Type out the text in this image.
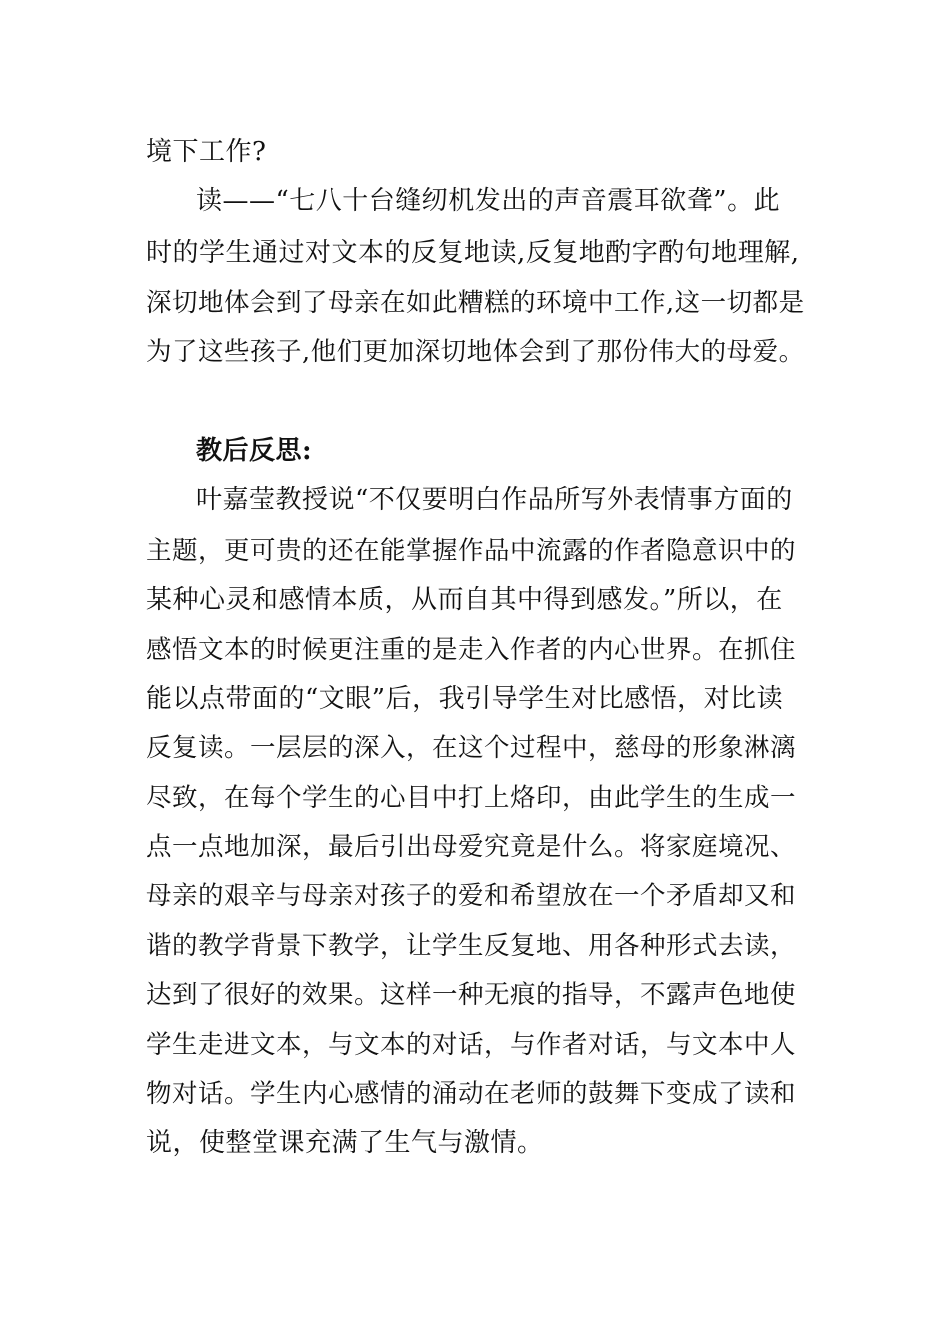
境下工作?
读——“七八十台缝纫机发出的声音震耳欲聋”。此
时的学生通过对文本的反复地读,反复地酌字酌句地理解,
深切地体会到了母亲在如此糟糕的环境中工作,这一切都是
为了这些孩子,他们更加深切地体会到了那份伟大的母爱。
教后反思:
叶嘉莹教授说“不仅要明白作品所写外表情事方面的
主题，更可贵的还在能掌握作品中流露的作者隐意识中的
某种心灵和感情本质，从而自其中得到感发。”所以，在
感悟文本的时候更注重的是走入作者的内心世界。在抓住
能以点带面的“文眼”后，我引导学生对比感悟，对比读
反复读。一层层的深入，在这个过程中，慈母的形象淋漓
尽致，在每个学生的心目中打上烙印，由此学生的生成一
点一点地加深，最后引出母爱究竟是什么。将家庭境况、
母亲的艰辛与母亲对孩子的爱和希望放在一个矛盾却又和
谐的教学背景下教学，让学生反复地、用各种形式去读，
达到了很好的效果。这样一种无痕的指导，不露声色地使
学生走进文本，与文本的对话，与作者对话，与文本中人
物对话。学生内心感情的涌动在老师的鼓舞下变成了读和
说，使整堂课充满了生气与激情。
